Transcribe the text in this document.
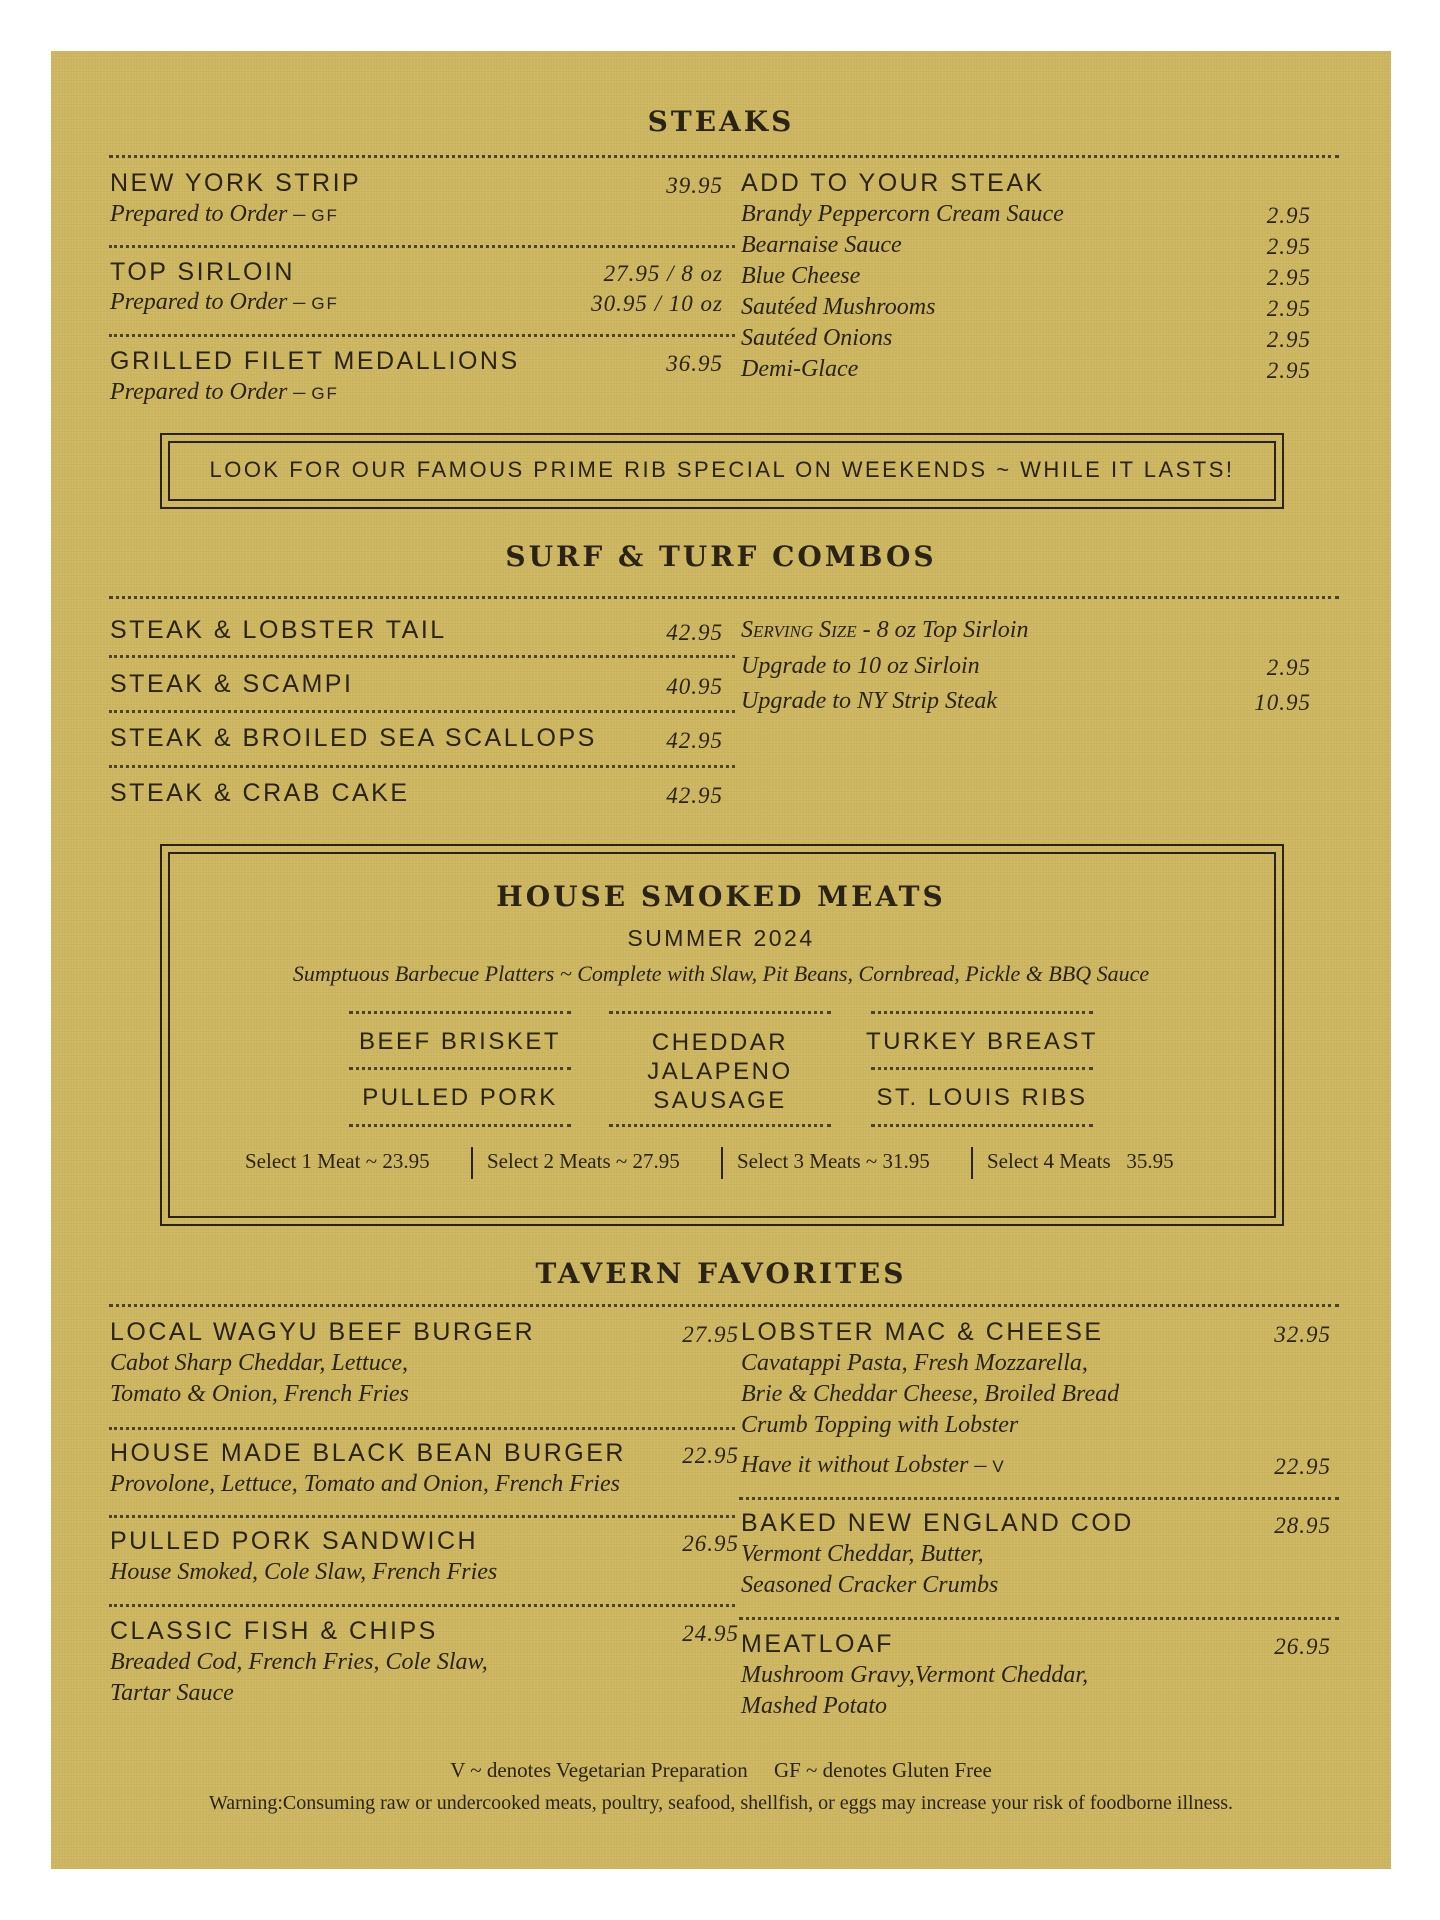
STEAKS
NEW YORK STRIP	39.95
Prepared to Order – GF
TOP SIRLOIN	27.95 / 8 oz
30.95 / 10 oz
Prepared to Order – GF
GRILLED FILET MEDALLIONS	36.95
Prepared to Order – GF
ADD TO YOUR STEAK
Brandy Peppercorn Cream Sauce	2.95
Bearnaise Sauce	2.95
Blue Cheese	2.95
Sautéed Mushrooms	2.95
Sautéed Onions	2.95
Demi-Glace	2.95
LOOK FOR OUR FAMOUS PRIME RIB SPECIAL ON WEEKENDS ~ WHILE IT LASTS!
SURF & TURF COMBOS
STEAK & LOBSTER TAIL	42.95
STEAK & SCAMPI	40.95
STEAK & BROILED SEA SCALLOPS	42.95
STEAK & CRAB CAKE	42.95
Serving Size - 8 oz Top Sirloin
Upgrade to 10 oz Sirloin	2.95
Upgrade to NY Strip Steak	10.95
HOUSE SMOKED MEATS
SUMMER 2024
Sumptuous Barbecue Platters ~ Complete with Slaw, Pit Beans, Cornbread, Pickle & BBQ Sauce
BEEF BRISKET
PULLED PORK
CHEDDAR JALAPENO SAUSAGE
TURKEY BREAST
ST. LOUIS RIBS
Select 1 Meat ~ 23.95	Select 2 Meats ~ 27.95	Select 3 Meats ~ 31.95	Select 4 Meats   35.95
TAVERN FAVORITES
LOCAL WAGYU BEEF BURGER	27.95
Cabot Sharp Cheddar, Lettuce,
Tomato & Onion, French Fries
HOUSE MADE BLACK BEAN BURGER	22.95
Provolone, Lettuce, Tomato and Onion, French Fries
PULLED PORK SANDWICH	26.95
House Smoked, Cole Slaw, French Fries
CLASSIC FISH & CHIPS	24.95
Breaded Cod, French Fries, Cole Slaw,
Tartar Sauce
LOBSTER MAC & CHEESE	32.95
Cavatappi Pasta, Fresh Mozzarella,
Brie & Cheddar Cheese, Broiled Bread
Crumb Topping with Lobster
Have it without Lobster – V	22.95
BAKED NEW ENGLAND COD	28.95
Vermont Cheddar, Butter,
Seasoned Cracker Crumbs
MEATLOAF	26.95
Mushroom Gravy,Vermont Cheddar,
Mashed Potato
V ~ denotes Vegetarian Preparation GF ~ denotes Gluten Free
Warning:Consuming raw or undercooked meats, poultry, seafood, shellfish, or eggs may increase your risk of foodborne illness.
